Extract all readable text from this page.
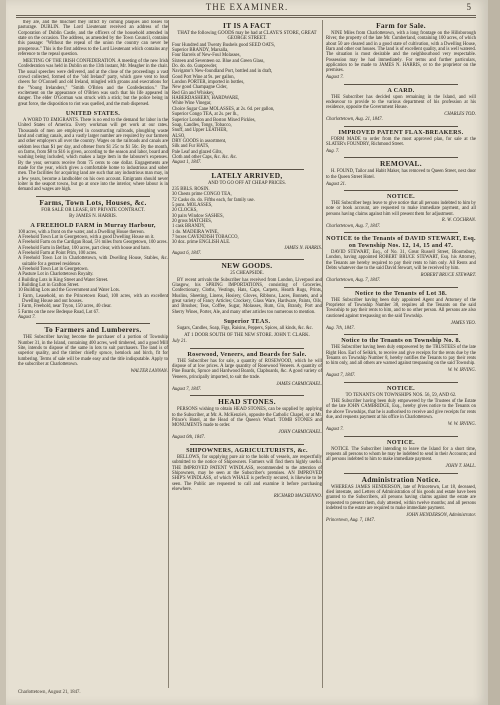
THE EXAMINER.	5

they are, and the mischief they inflict by coming plaques and losses to pasturage. DUBLIN. The Lord Lieutenant received an address of the Corporation of Dublin Castle, and the officers of the household attended in state on the occasion. The address, as amended by the Town Council, contains this passage: "Without the repeal of the union the country can never be prosperous." This is the first address to the Lord Lieutenant which contains any reference to the repeal question.

MEETING OF THE IRISH CONFEDERATION. A meeting of the new Irish Confederation was held in Dublin on the 13th instant, Mr. Meagher in the chair. The usual speeches were delivered, and at the close of the proceedings a vast crowd collected, formed of the "old Ireland" party, which gave vent to loud cheers for O'Connell and old Ireland, mingled with groans and execrations for the "Young Irelanders," "Smith O'Brien and the Confederation." The excitement on the appearance of O'Brien was such that his life appeared in danger. The elder O'Gorman was struck with a stick; but the police being in great force, the disposition to riot was quelled, and the mob dispersed.

UNITED STATES.

A WORD TO EMIGRANTS. There is no end to the demand for labor in the United States of America. Every workman will get work at our rates. Thousands of men are employed in constructing railroads, ploughing waste land and cutting canals, and a vastly larger number are required by our farmers and other employers all over the country. Wages on the railroads and canals are seldom less than $1 per day, and oftener from $1 25c to $1 50c. By the month, on farms, from $8 to $16 is given, according to the season and labor, board and washing being included, which makes a large item in the labourer's expenses. By the year, servants receive from 75 cents to one dollar. Engagements are made for the year, which gives a comfortable home to industrious and sober men. The facilities for acquiring land are such that any industrious man may, in a few years, become a landholder on his own account. Emigrants should never loiter in the seaport towns, but go at once into the interior, where labour is in demand and wages are high.

Farms, Town Lots, Houses, &c.
FOR SALE OR LEASE, BY PRIVATE CONTRACT.
By JAMES N. HARRIS.
A FREEHOLD FARM in Murray Harbour,
100 acres, with a front on the water, and a Dwelling House thereon.
A Freehold Town Lot in Georgetown, with a good Dwelling House on it.
A Freehold Farm on the Cardigan Road, 5½ miles from Georgetown, 100 acres.
A Freehold Farm in Belfast, 100 acres, part clear, with house and barn.
A Freehold Farm at Point Prim, 100 acres.
A Freehold Town Lot in Charlottetown, with Dwelling House, Stables, &c. suitable for a genteel residence.
A Freehold Town Lot in Georgetown.
A Pasture Lot in Charlottetown Royalty.
4 Building Lots in King Street and Water Street.
1 Building Lot in Grafton Street.
10 Building Lots and the Government and Water Lots.
1 Farm, Leasehold, on the Princetown Road, 100 acres, with an excellent Dwelling House and out houses.
1 Farm, Freehold, near Tryon, 150 acres, 40 clear.
5 Farms on the new Bedeque Road, Lot 67.
August 7.
To Farmers and Lumberers.

THE Subscriber having become the purchaser of a portion of Township Number 31, in the Island, containing 400 acres, well timbered, and a good Mill Site, intends to dispose of the same in lots to suit purchasers. The land is of superior quality, and the timber chiefly spruce, hemlock and birch, fit for lumbering. Terms of sale will be made easy and the title indisputable. Apply to the subscriber at Charlottetown.

WALTER LANNAN.
IT IS A FACT
THAT the following GOODS may be had at CLAYE'S STORE, GREAT GEORGE STREET.
Four Hundred and Twenty Bushels good SEED OATS,
Superior BRANDY, Marsalla,
Four Barrels of New-Foul Molasses,
Sixteen and Seventeen oz. Blue and Green Glass,
Do. do. do. Gunpowder,
Navigator's New-foundland Port, bottled and in draft,
Good Port Wine at 9s. per gallon,
London PORTER, imported in bottles,
New good Champagne Cider,
Red Gin and Whiskey,
HABERDASHERY, HARDWARE,
White Wine Vinegar,
Choice Sugar Cane MOLASSES, at 2s. 6d. per gallon,
Superior Congo TEA, at 2s. per lb.,
Superior London and Boston Mixed Pickles,
Soap, Candles, Tongs, Tobacco,
Snuff, and Upper LEATHER,
ALSO,
DRY GOODS in assortment,
Silk and Fur HATS,
Pale Leaf and glazed Gilts,
Cloth and other Caps, &c. &c. &c.
August 1, 1847.
LATELY ARRIVED,
AND TO GO OFF AT CHEAP PRICES.
235 BBLS. ROSIN.
30 Chests prime CONGO TEA,
72 Casks do. do. Fifths each, for family use.
5 puns. MOLASSES,
20 CLOCKS,
30 pairs Window SASHES,
20 gross MATCHES,
1 cask BRANDY,
1 do. MADEIRA WINE,
7 boxes CAVENDISH TOBACCO,
30 doz. prime ENGLISH ALE.
JAMES N. HARRIS.
August 6, 1847.
NEW GOODS.
25 CHEAPSIDE.

BY recent arrivals the Subscriber has received from London, Liverpool and Glasgow, his SPRING IMPORTATIONS, consisting of Groceries, Confectionary, Cloths, Vestings, Hats, Caps, Carpets, Hearth Rugs, Prints, Muslins, Sheeting, Linens, Hosiery, Gloves, Ribbons, Laces, Bonnets, and a great variety of Fancy Articles; Crockery, Glass Ware, Hardware, Paints, Oils, and Brushes; Teas, Coffee, Sugar, Molasses, Rum, Gin, Brandy, Port and Sherry Wines, Porter, Ale, and many other articles too numerous to mention.

Superior TEAS.

Sugars, Candles, Soap, Figs, Raisins, Peppers, Spices, all kinds, &c. &c.

AT 1 DOOR SOUTH OF THE NEW STORE. JOHN T. CLARK.
July 21.
Rosewood, Veneers, and Boards for Sale.

THE Subscriber has for sale, a quantity of ROSEWOOD, which he will dispose of at low prices. A large quantity of Rosewood Veneers. A quantity of Pine Boards, Spruce and Hardwood Boards, Clapboards, &c. A good variety of Veneers, principally imported, to suit the trade.

JAMES CARMICHAEL.
August 7, 1847.
HEAD STONES.

PERSONS wishing to obtain HEAD STONES, can be supplied by applying to the Subscriber, at Mr. A. McKenzie's, opposite the Catholic Chapel, or at Mr. Prince's Hotel, at the Head of the Queen's Wharf. TOMB STONES and MONUMENTS made to order.

JOHN CARMICHAEL.
August 6th, 1847.
SHIPOWNERS, AGRICULTURISTS, &c.

BELLOWS, for supplying pure air to the holds of vessels, are respectfully submitted to the notice of Shipowners. Farmers will find them highly useful. THE IMPROVED PATENT WINDLASS, recommended to the attention of Shipowners, may be seen at the Subscriber's premises. AN IMPROVED SHIP'S WINDLASS, of which WHALE is perfectly secured, is likewise to be seen. The Public are requested to call and examine it before purchasing elsewhere.

RICHARD MACHENNO.
Farm for Sale.

NINE Miles from Charlottetown, with a long frontage on the Hillsborough River, the property of the late Mr. Cumberland, containing 100 acres, of which about 50 are cleared and in a good state of cultivation, with a Dwelling House, Barn and other out houses. The land is of excellent quality, and is well watered. The situation is most desirable and the neighbourhood very respectable. Possession may be had immediately. For terms and further particulars, application to be made to JAMES N. HARRIS, or to the proprietor on the premises.

August 7.
A CARD.

THE Subscriber has decided upon remaining in the Island, and will endeavour to provide to the various department of his profession at his residence, opposite the Government House.

CHARLES TOD.
Charlottetown, Aug. 21, 1847.
IMPROVED PATENT FLAX-BREAKERS.

FORM MADE to order from the most approved plan, for sale at the SLATER's FOUNDRY, Richmond Street.

Aug. 7.
REMOVAL.

H. FOUND, Tailor and Habit Maker, has removed to Queen Street, next door to the Queen Street Hotel.

August 21.
NOTICE.

THE Subscriber begs leave to give notice that all persons indebted to him by note or book account, are requested to make immediate payment, and all persons having claims against him will present them for adjustment.

R. W. COCHRAN.
Charlottetown, Aug. 7, 1847.
NOTICE to the Tenants of DAVID STEWART, Esq. on Township Nos. 12, 14, 15 and 47.

DAVID STEWART, Esq., of No. 31, Great Russell Street, Bloomsbury, London, having appointed ROBERT BRUCE STEWART, Esq. his Attorney, the Tenants are hereby required to pay their rents to him only. All Rents and Debts whatever due to the said David Stewart, will be received by him.

ROBERT BRUCE STEWART.
Charlottetown, Aug. 7, 1847.
Notice to the Tenants of Lot 38.

THE Subscriber having been duly appointed Agent and Attorney of the Proprietor of Township Number 38, requires all the Tenants on the said Township to pay their rents to him, and to no other person. All persons are also cautioned against trespassing on the said Township.

JAMES YEO.
Aug. 7th, 1847.
Notice to the Tenants on Township No. 8.

THE Subscriber having been duly empowered by the TRUSTEES of the late Right Hon. Earl of Selkirk, to receive and give receipts for the rents due by the Tenants on Township Number 8, hereby notifies the Tenants to pay their rents to him only, and all others are warned against trespassing on the said Township.

W. W. IRVING.
August 7, 1847.
NOTICE.
TO TENANTS ON TOWNSHIPS NOS. 56, 59, AND 62.

THE Subscriber having been duly empowered by the Trustees of the Estate of the late JOHN CAMBRIDGE, Esq., hereby gives notice to the Tenants on the above Townships, that he is authorised to receive and give receipts for rents due, and requests payment at his office in Charlottetown.

W. W. IRVING.
August 7.
NOTICE.

NOTICE. The Subscriber intending to leave the Island for a short time, requests all persons to whom he may be indebted to send in their Accounts; and all persons indebted to him to make immediate payment.

JOHN T. HALL.
Administration Notice.

WHEREAS JAMES HENDERSON, late of Princetown, Lot 18, deceased, died intestate, and Letters of Administration of his goods and estate have been granted to the Subscribers, all persons having claims against the estate are requested to present them, duly attested, within twelve months; and all persons indebted to the estate are required to make immediate payment.

JOHN HENDERSON, Administrator.
Princetown, Aug. 7, 1847.
Charlottetown, August 21, 1847.
